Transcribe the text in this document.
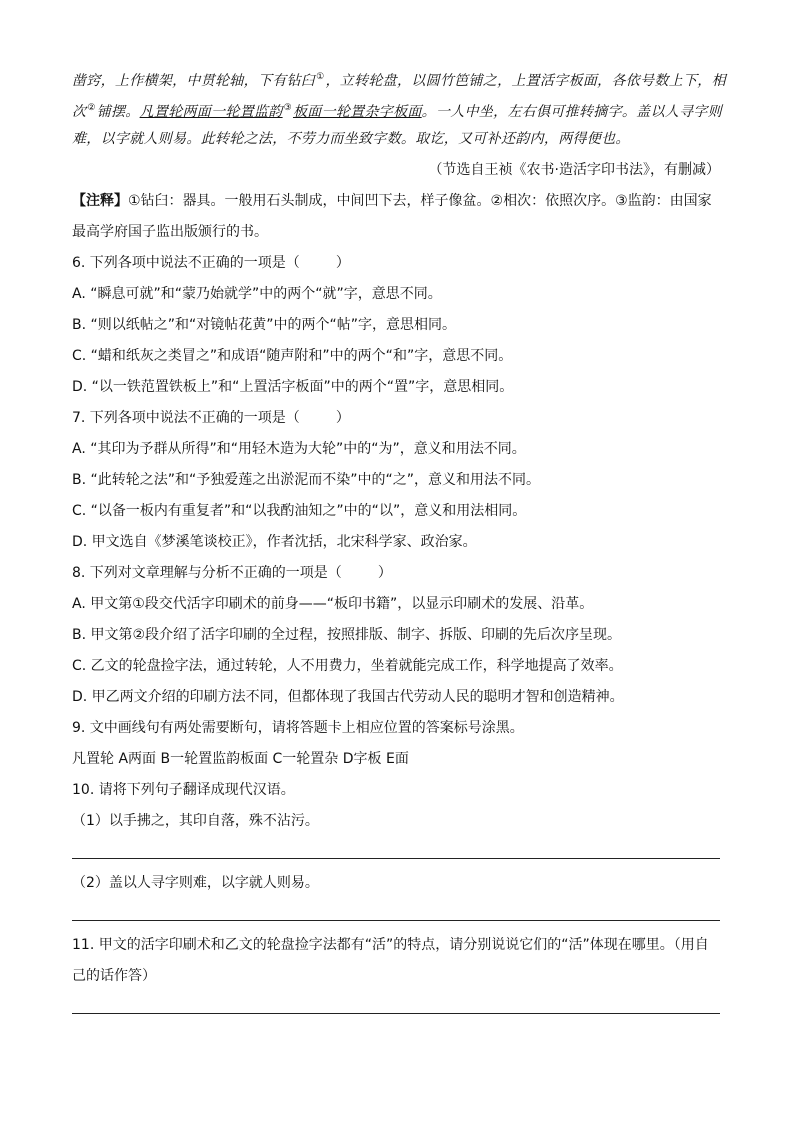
凿窍，上作横架，中贯轮轴，下有钻臼①，立转轮盘，以圆竹笆铺之，上置活字板面，各依号数上下，相
次②铺摆。凡置轮两面一轮置监韵③板面一轮置杂字板面。一人中坐，左右俱可推转摘字。盖以人寻字则
难，以字就人则易。此转轮之法，不劳力而坐致字数。取讫，又可补还韵内，两得便也。
（节选自王祯《农书·造活字印书法》，有删减）
【注释】①钻臼：器具。一般用石头制成，中间凹下去，样子像盆。②相次：依照次序。③监韵：由国家最高学府国子监出版颁行的书。
6. 下列各项中说法不正确的一项是（	）
A. “瞬息可就”和“蒙乃始就学”中的两个“就”字，意思不同。
B. “则以纸帖之”和“对镜帖花黄”中的两个“帖”字，意思相同。
C. “蜡和纸灰之类冒之”和成语“随声附和”中的两个“和”字，意思不同。
D. “以一铁范置铁板上”和“上置活字板面”中的两个“置”字，意思相同。
7. 下列各项中说法不正确的一项是（	）
A. “其印为予群从所得”和“用轻木造为大轮”中的“为”，意义和用法不同。
B. “此转轮之法”和“予独爱莲之出淤泥而不染”中的“之”，意义和用法不同。
C. “以备一板内有重复者”和“以我酌油知之”中的“以”，意义和用法相同。
D. 甲文选自《梦溪笔谈校正》，作者沈括，北宋科学家、政治家。
8. 下列对文章理解与分析不正确的一项是（	）
A. 甲文第①段交代活字印刷术的前身——“板印书籍”，以显示印刷术的发展、沿革。
B. 甲文第②段介绍了活字印刷的全过程，按照排版、制字、拆版、印刷的先后次序呈现。
C. 乙文的轮盘捡字法，通过转轮，人不用费力，坐着就能完成工作，科学地提高了效率。
D. 甲乙两文介绍的印刷方法不同，但都体现了我国古代劳动人民的聪明才智和创造精神。
9. 文中画线句有两处需要断句，请将答题卡上相应位置的答案标号涂黑。
凡置轮 A两面 B一轮置监韵板面 C一轮置杂 D字板 E面
10. 请将下列句子翻译成现代汉语。
（1）以手拂之，其印自落，殊不沾污。
（2）盖以人寻字则难，以字就人则易。
11. 甲文的活字印刷术和乙文的轮盘捡字法都有“活”的特点，请分别说说它们的“活”体现在哪里。（用自己的话作答）
